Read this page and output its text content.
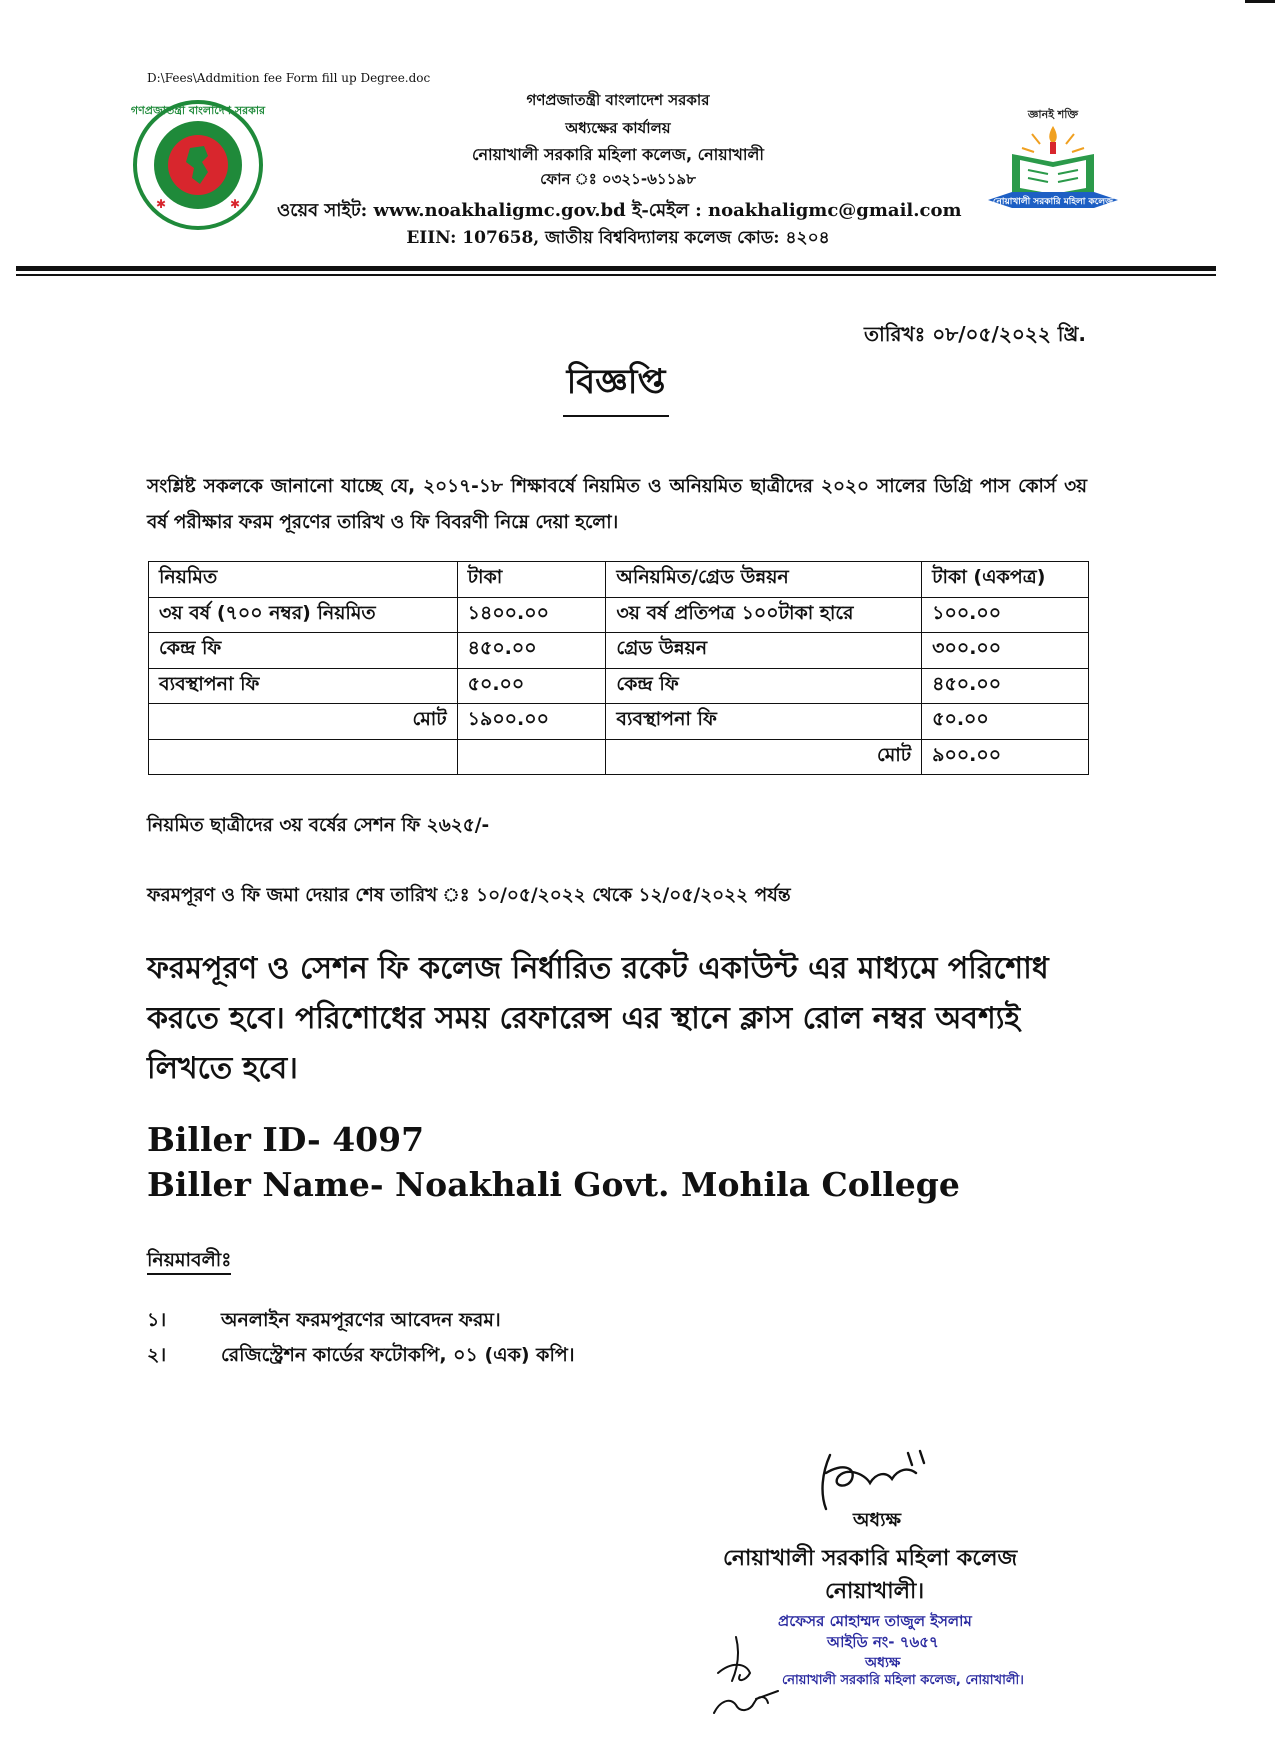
D:\Fees\Addmition fee Form fill up Degree.doc
গণপ্রজাতন্ত্রী বাংলাদেশ সরকার
✱	✱
জ্ঞানই শক্তি
নোয়াখালী সরকারি মহিলা কলেজ
গণপ্রজাতন্ত্রী বাংলাদেশ সরকার
অধ্যক্ষের কার্যালয়
নোয়াখালী সরকারি মহিলা কলেজ, নোয়াখালী
ফোন ঃ ০৩২১-৬১১৯৮
ওয়েব সাইট: www.noakhaligmc.gov.bd ই-মেইল : noakhaligmc@gmail.com
EIIN: 107658, জাতীয় বিশ্ববিদ্যালয় কলেজ কোড: ৪২০৪
তারিখঃ ০৮/০৫/২০২২ খ্রি.
বিজ্ঞপ্তি
সংশ্লিষ্ট সকলকে জানানো যাচ্ছে যে, ২০১৭-১৮ শিক্ষাবর্ষে নিয়মিত ও অনিয়মিত ছাত্রীদের ২০২০ সালের ডিগ্রি পাস কোর্স ৩য় বর্ষ পরীক্ষার ফরম পূরণের তারিখ ও ফি বিবরণী নিম্নে দেয়া হলো।
নিয়মিত	টাকা	অনিয়মিত/গ্রেড উন্নয়ন	টাকা (একপত্র)
৩য় বর্ষ (৭০০ নম্বর) নিয়মিত	১৪০০.০০	৩য় বর্ষ প্রতিপত্র ১০০টাকা হারে	১০০.০০
কেন্দ্র ফি	৪৫০.০০	গ্রেড উন্নয়ন	৩০০.০০
ব্যবস্থাপনা ফি	৫০.০০	কেন্দ্র ফি	৪৫০.০০
মোট	১৯০০.০০	ব্যবস্থাপনা ফি	৫০.০০
		মোট	৯০০.০০
নিয়মিত ছাত্রীদের ৩য় বর্ষের সেশন ফি ২৬২৫/-
ফরমপূরণ ও ফি জমা দেয়ার শেষ তারিখ ঃ ১০/০৫/২০২২ থেকে ১২/০৫/২০২২ পর্যন্ত
ফরমপূরণ ও সেশন ফি কলেজ নির্ধারিত রকেট একাউন্ট এর মাধ্যমে পরিশোধ করতে হবে। পরিশোধের সময় রেফারেন্স এর স্থানে ক্লাস রোল নম্বর অবশ্যই লিখতে হবে।
Biller ID- 4097
Biller Name- Noakhali Govt. Mohila College
নিয়মাবলীঃ
১।	অনলাইন ফরমপূরণের আবেদন ফরম।
২।	রেজিস্ট্রেশন কার্ডের ফটোকপি, ০১ (এক) কপি।
অধ্যক্ষ
নোয়াখালী সরকারি মহিলা কলেজ
নোয়াখালী।
প্রফেসর মোহাম্মদ তাজুল ইসলাম
আইডি নং- ৭৬৫৭
অধ্যক্ষ
নোয়াখালী সরকারি মহিলা কলেজ, নোয়াখালী।
